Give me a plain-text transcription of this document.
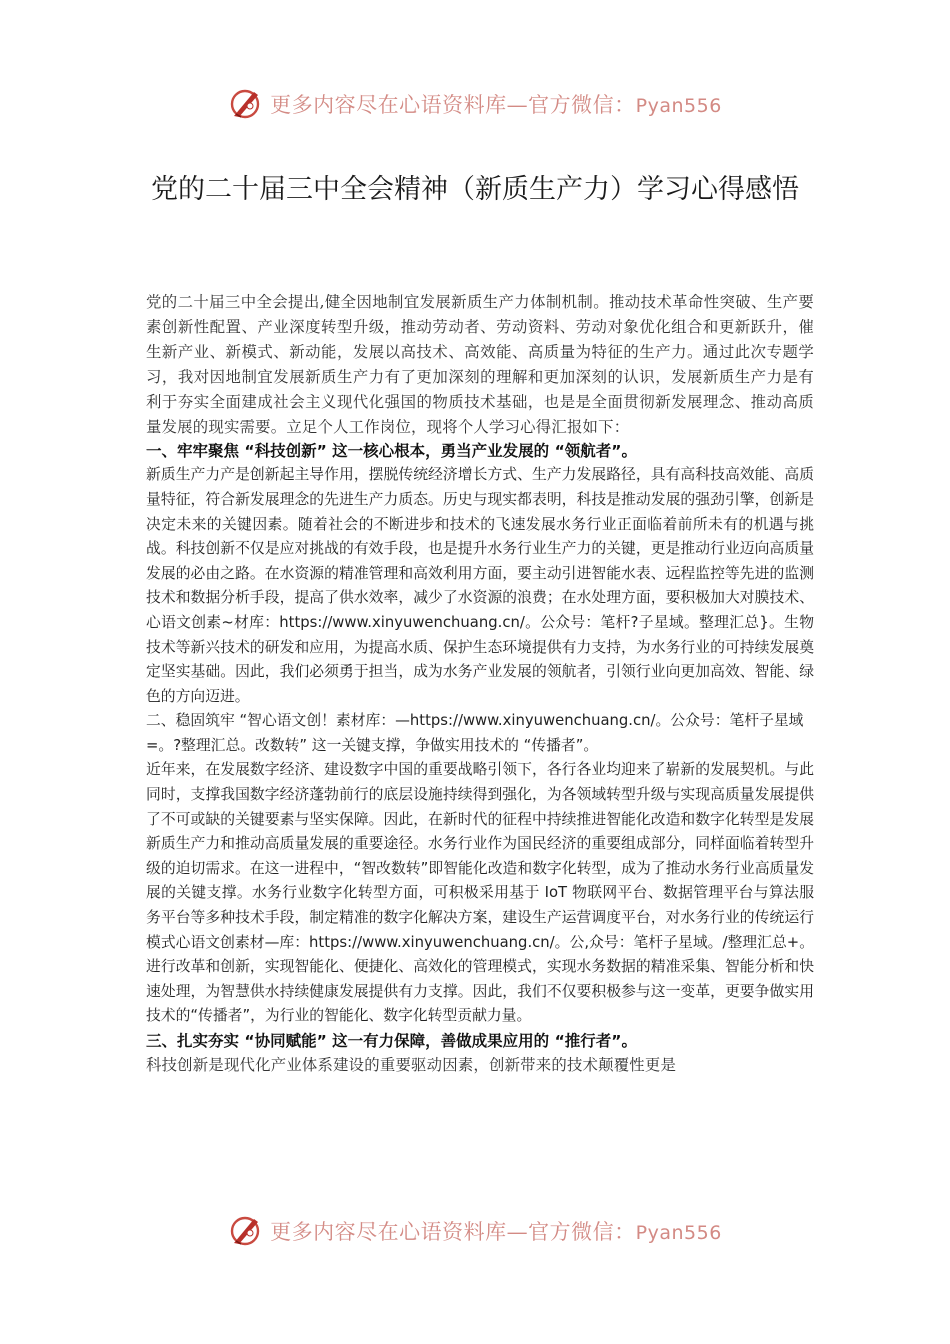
更多内容尽在心语资料库—官方微信：Pyan556
党的二十届三中全会精神（新质生产力）学习心得感悟

党的二十届三中全会提出,健全因地制宜发展新质生产力体制机制。推动技术革命性突破、生产要素创新性配置、产业深度转型升级，推动劳动者、劳动资料、劳动对象优化组合和更新跃升，催生新产业、新模式、新动能，发展以高技术、高效能、高质量为特征的生产力。通过此次专题学习，我对因地制宜发展新质生产力有了更加深刻的理解和更加深刻的认识，发展新质生产力是有利于夯实全面建成社会主义现代化强国的物质技术基础，也是是全面贯彻新发展理念、推动高质量发展的现实需要。立足个人工作岗位，现将个人学习心得汇报如下：

一、牢牢聚焦 “科技创新” 这一核心根本，勇当产业发展的 “领航者”。

新质生产力产是创新起主导作用，摆脱传统经济增长方式、生产力发展路径，具有高科技高效能、高质量特征，符合新发展理念的先进生产力质态。历史与现实都表明，科技是推动发展的强劲引擎，创新是决定未来的关键因素。随着社会的不断进步和技术的飞速发展水务行业正面临着前所未有的机遇与挑战。科技创新不仅是应对挑战的有效手段，也是提升水务行业生产力的关键，更是推动行业迈向高质量发展的必由之路。在水资源的精准管理和高效利用方面，要主动引进智能水表、远程监控等先进的监测技术和数据分析手段，提高了供水效率，减少了水资源的浪费；在水处理方面，要积极加大对膜技术、心语文创素~材库：https://www.xinyuwenchuang.cn/。公众号：笔杆?子星域。整理汇总}。生物技术等新兴技术的研发和应用，为提高水质、保护生态环境提供有力支持，为水务行业的可持续发展奠定坚实基础。因此，我们必须勇于担当，成为水务产业发展的领航者，引领行业向更加高效、智能、绿色的方向迈进。

二、稳固筑牢 “智心语文创！素材库：—https://www.xinyuwenchuang.cn/。公众号：笔杆子星域=。?整理汇总。改数转” 这一关键支撑，争做实用技术的 “传播者”。

近年来，在发展数字经济、建设数字中国的重要战略引领下，各行各业均迎来了崭新的发展契机。与此同时，支撑我国数字经济蓬勃前行的底层设施持续得到强化，为各领域转型升级与实现高质量发展提供了不可或缺的关键要素与坚实保障。因此，在新时代的征程中持续推进智能化改造和数字化转型是发展新质生产力和推动高质量发展的重要途径。水务行业作为国民经济的重要组成部分，同样面临着转型升级的迫切需求。在这一进程中，“智改数转”即智能化改造和数字化转型，成为了推动水务行业高质量发展的关键支撑。水务行业数字化转型方面，可积极采用基于 IoT 物联网平台、数据管理平台与算法服务平台等多种技术手段，制定精准的数字化解决方案，建设生产运营调度平台，对水务行业的传统运行模式心语文创素材—库：https://www.xinyuwenchuang.cn/。公,众号：笔杆子星域。/整理汇总+。进行改革和创新，实现智能化、便捷化、高效化的管理模式，实现水务数据的精准采集、智能分析和快速处理，为智慧供水持续健康发展提供有力支撑。因此，我们不仅要积极参与这一变革，更要争做实用技术的“传播者”，为行业的智能化、数字化转型贡献力量。

三、扎实夯实 “协同赋能” 这一有力保障，善做成果应用的 “推行者”。

科技创新是现代化产业体系建设的重要驱动因素，创新带来的技术颠覆性更是

更多内容尽在心语资料库—官方微信：Pyan556
